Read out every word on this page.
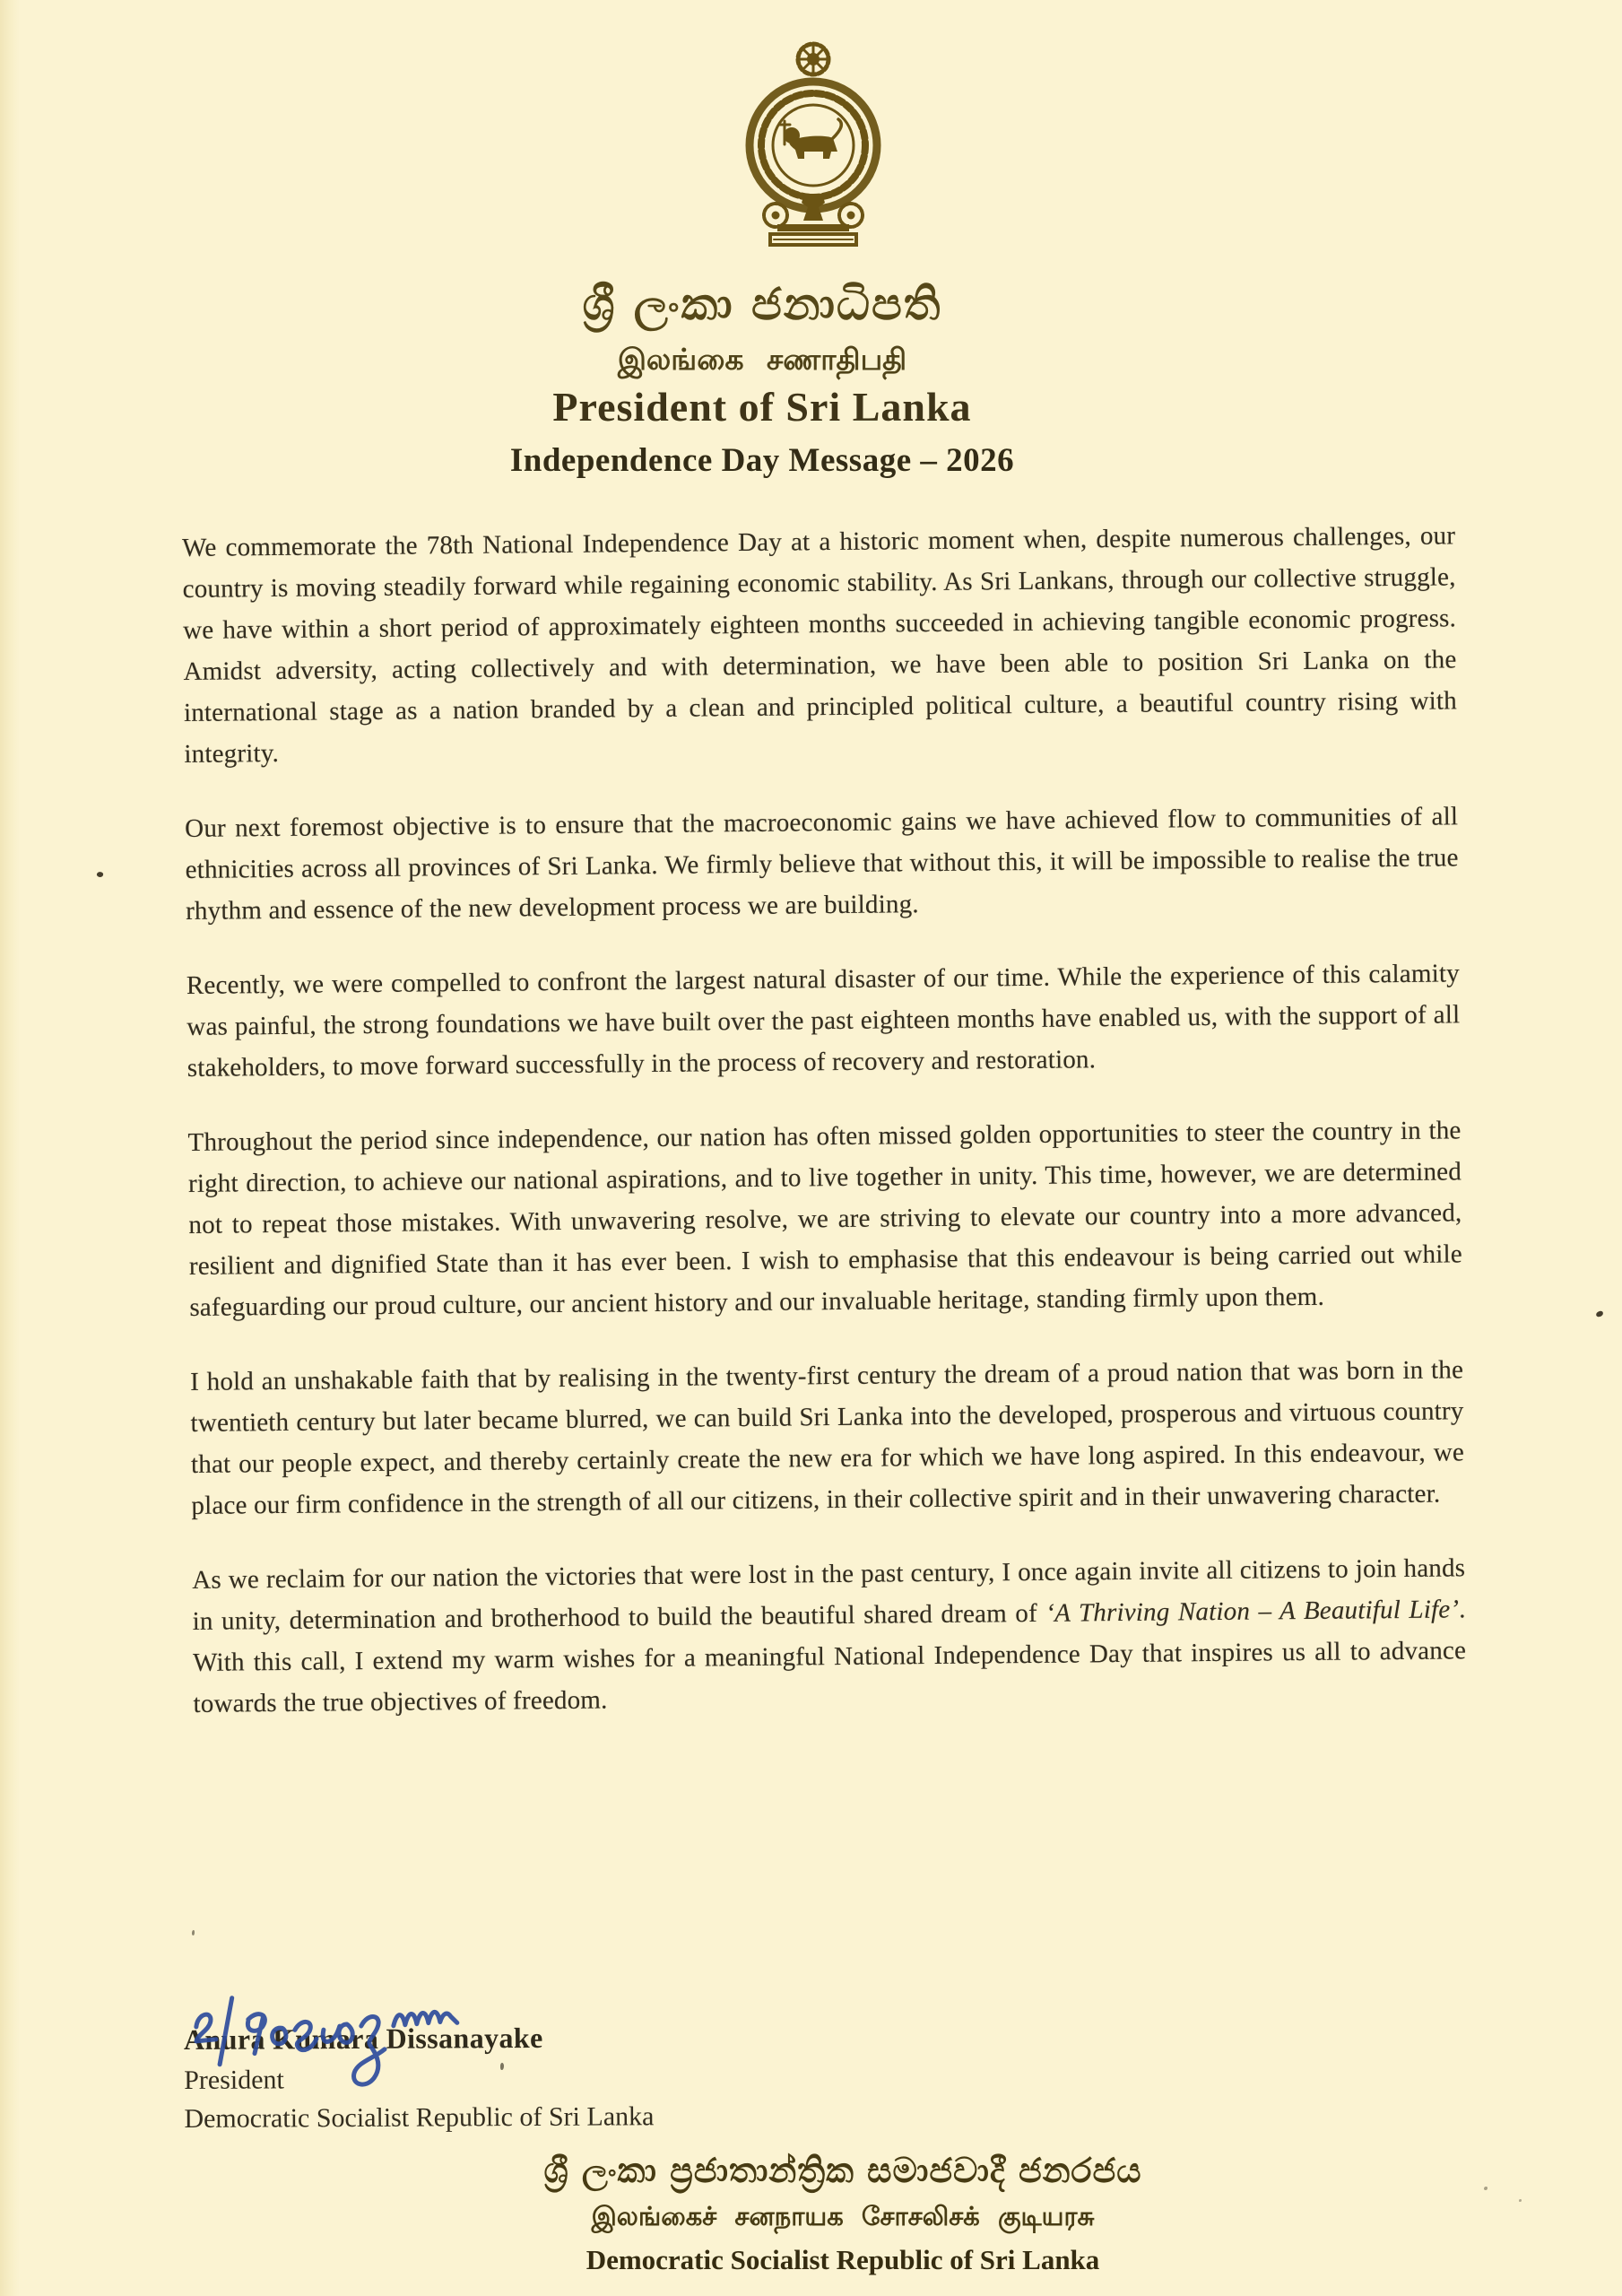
ශ්‍රී ලංකා ජනාධිපති
இலங்கை சணாதிபதி
President of Sri Lanka
Independence Day Message – 2026

We commemorate the 78th National Independence Day at a historic moment when, despite numerous challenges, our country is moving steadily forward while regaining economic stability. As Sri Lankans, through our collective struggle, we have within a short period of approximately eighteen months succeeded in achieving tangible economic progress. Amidst adversity, acting collectively and with determination, we have been able to position Sri Lanka on the international stage as a nation branded by a clean and principled political culture, a beautiful country rising with integrity.

Our next foremost objective is to ensure that the macroeconomic gains we have achieved flow to communities of all ethnicities across all provinces of Sri Lanka. We firmly believe that without this, it will be impossible to realise the true rhythm and essence of the new development process we are building.

Recently, we were compelled to confront the largest natural disaster of our time. While the experience of this calamity was painful, the strong foundations we have built over the past eighteen months have enabled us, with the support of all stakeholders, to move forward successfully in the process of recovery and restoration.

Throughout the period since independence, our nation has often missed golden opportunities to steer the country in the right direction, to achieve our national aspirations, and to live together in unity. This time, however, we are determined not to repeat those mistakes. With unwavering resolve, we are striving to elevate our country into a more advanced, resilient and dignified State than it has ever been. I wish to emphasise that this endeavour is being carried out while safeguarding our proud culture, our ancient history and our invaluable heritage, standing firmly upon them.

I hold an unshakable faith that by realising in the twenty-first century the dream of a proud nation that was born in the twentieth century but later became blurred, we can build Sri Lanka into the developed, prosperous and virtuous country that our people expect, and thereby certainly create the new era for which we have long aspired. In this endeavour, we place our firm confidence in the strength of all our citizens, in their collective spirit and in their unwavering character.

As we reclaim for our nation the victories that were lost in the past century, I once again invite all citizens to join hands in unity, determination and brotherhood to build the beautiful shared dream of ‘A Thriving Nation – A Beautiful Life’. With this call, I extend my warm wishes for a meaningful National Independence Day that inspires us all to advance towards the true objectives of freedom.

Anura Kumara Dissanayake
President
Democratic Socialist Republic of Sri Lanka
ශ්‍රී ලංකා ප්‍රජාතාන්ත්‍රික සමාජවාදී ජනරජය
இலங்கைச் சனநாயக சோசலிசக் குடியரசு
Democratic Socialist Republic of Sri Lanka
